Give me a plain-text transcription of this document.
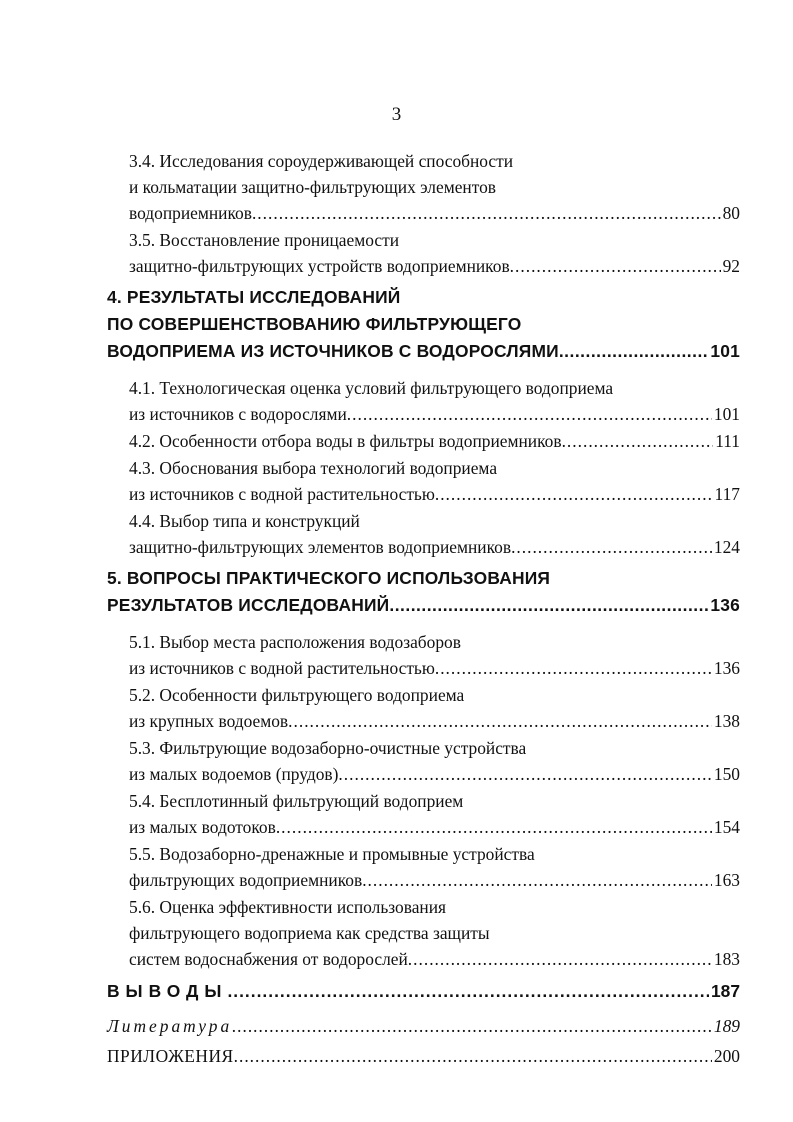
3
3.4. Исследования сороудерживающей способности
и кольматации защитно-фильтрующих элементов
водоприемников .....	80
3.5. Восстановление проницаемости
защитно-фильтрующих устройств водоприемников .....	92
4. РЕЗУЛЬТАТЫ ИССЛЕДОВАНИЙ
ПО СОВЕРШЕНСТВОВАНИЮ ФИЛЬТРУЮЩЕГО
ВОДОПРИЕМА ИЗ ИСТОЧНИКОВ С ВОДОРОСЛЯМИ .....	101
4.1. Технологическая оценка условий фильтрующего водоприема
из источников с водорослями .....	101
4.2. Особенности отбора воды в фильтры водоприемников .....	111
4.3. Обоснования выбора технологий водоприема
из источников с водной растительностью .....	117
4.4. Выбор типа и конструкций
защитно-фильтрующих элементов водоприемников .....	124
5. ВОПРОСЫ ПРАКТИЧЕСКОГО ИСПОЛЬЗОВАНИЯ
РЕЗУЛЬТАТОВ ИССЛЕДОВАНИЙ .....	136
5.1. Выбор места расположения водозаборов
из источников с водной растительностью .....	136
5.2. Особенности фильтрующего водоприема
из крупных водоемов .....	138
5.3. Фильтрующие водозаборно-очистные устройства
из малых водоемов (прудов) .....	150
5.4. Бесплотинный фильтрующий водоприем
из малых водотоков .....	154
5.5. Водозаборно-дренажные и промывные устройства
фильтрующих водоприемников .....	163
5.6. Оценка эффективности использования
фильтрующего водоприема как средства защиты
систем водоснабжения от водорослей .....	183
ВЫВОДЫ .....	187
Литература .....	189
ПРИЛОЖЕНИЯ .....	200
